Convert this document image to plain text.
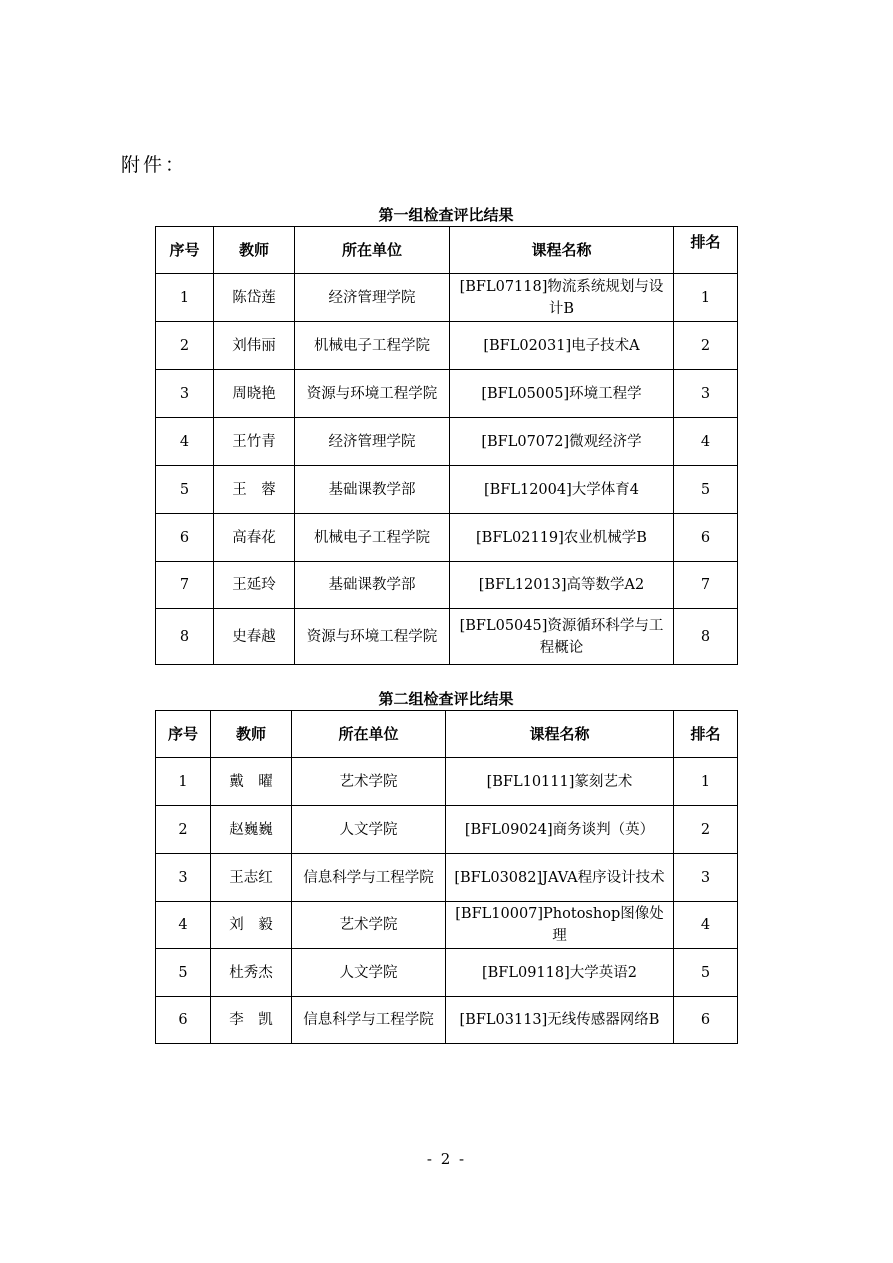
附件：
第一组检查评比结果
序号	教师	所在单位	课程名称	排名
1	陈岱莲	经济管理学院	[BFL07118]物流系统规划与设计B	1
2	刘伟丽	机械电子工程学院	[BFL02031]电子技术A	2
3	周晓艳	资源与环境工程学院	[BFL05005]环境工程学	3
4	王竹青	经济管理学院	[BFL07072]微观经济学	4
5	王　蓉	基础课教学部	[BFL12004]大学体育4	5
6	高春花	机械电子工程学院	[BFL02119]农业机械学B	6
7	王延玲	基础课教学部	[BFL12013]高等数学A2	7
8	史春越	资源与环境工程学院	[BFL05045]资源循环科学与工程概论	8
第二组检查评比结果
序号	教师	所在单位	课程名称	排名
1	戴　曜	艺术学院	[BFL10111]篆刻艺术	1
2	赵巍巍	人文学院	[BFL09024]商务谈判（英）	2
3	王志红	信息科学与工程学院	[BFL03082]JAVA程序设计技术	3
4	刘　毅	艺术学院	[BFL10007]Photoshop图像处理	4
5	杜秀杰	人文学院	[BFL09118]大学英语2	5
6	李　凯	信息科学与工程学院	[BFL03113]无线传感器网络B	6
- 2 -
